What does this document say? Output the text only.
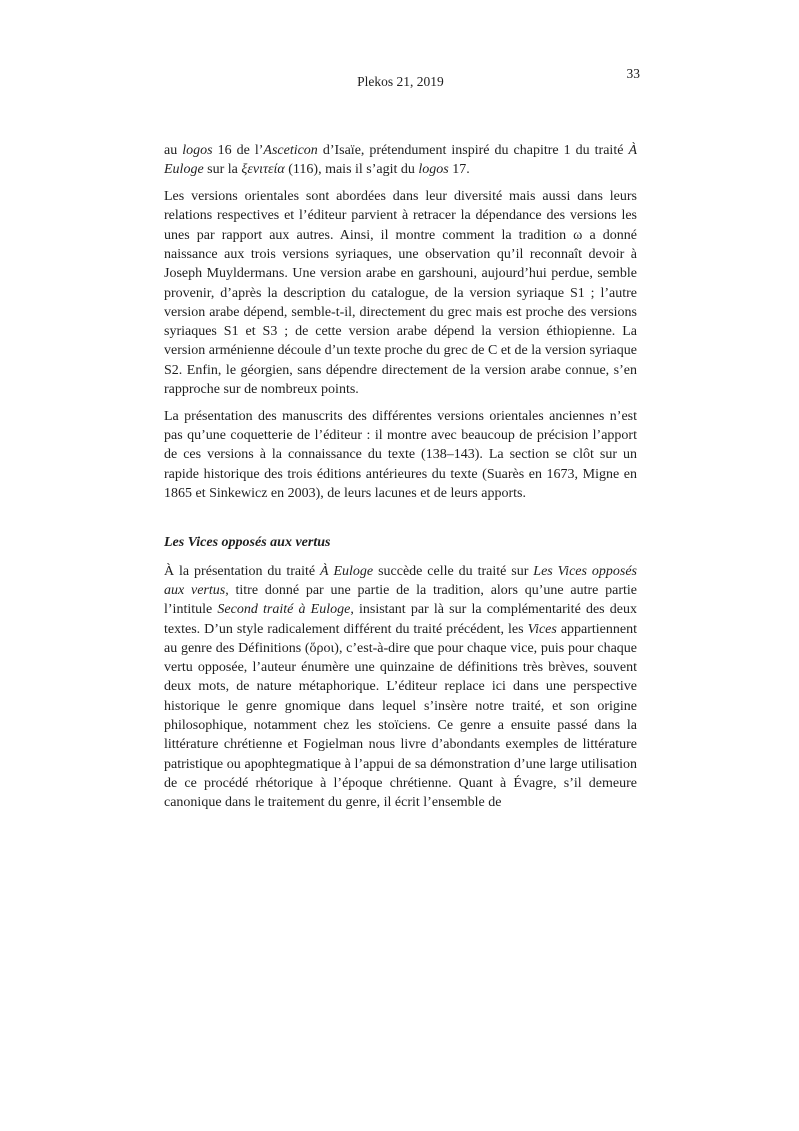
Plekos 21, 2019
33

au logos 16 de l’Asceticon d’Isaïe, prétendument inspiré du chapitre 1 du traité À Euloge sur la ξενιτεία (116), mais il s’agit du logos 17.

Les versions orientales sont abordées dans leur diversité mais aussi dans leurs relations respectives et l’éditeur parvient à retracer la dépendance des versions les unes par rapport aux autres. Ainsi, il montre comment la tradition ω a donné naissance aux trois versions syriaques, une observation qu’il reconnaît devoir à Joseph Muyldermans. Une version arabe en garshouni, aujourd’hui perdue, semble provenir, d’après la description du catalogue, de la version syriaque S1 ; l’autre version arabe dépend, semble-t-il, directement du grec mais est proche des versions syriaques S1 et S3 ; de cette version arabe dépend la version éthiopienne. La version arménienne découle d’un texte proche du grec de C et de la version syriaque S2. Enfin, le géorgien, sans dépendre directement de la version arabe connue, s’en rapproche sur de nombreux points.

La présentation des manuscrits des différentes versions orientales anciennes n’est pas qu’une coquetterie de l’éditeur : il montre avec beaucoup de précision l’apport de ces versions à la connaissance du texte (138–143). La section se clôt sur un rapide historique des trois éditions antérieures du texte (Suarès en 1673, Migne en 1865 et Sinkewicz en 2003), de leurs lacunes et de leurs apports.

Les Vices opposés aux vertus

À la présentation du traité À Euloge succède celle du traité sur Les Vices opposés aux vertus, titre donné par une partie de la tradition, alors qu’une autre partie l’intitule Second traité à Euloge, insistant par là sur la complémentarité des deux textes. D’un style radicalement différent du traité précédent, les Vices appartiennent au genre des Définitions (ὅροι), c’est-à-dire que pour chaque vice, puis pour chaque vertu opposée, l’auteur énumère une quinzaine de définitions très brèves, souvent deux mots, de nature métaphorique. L’éditeur replace ici dans une perspective historique le genre gnomique dans lequel s’insère notre traité, et son origine philosophique, notamment chez les stoïciens. Ce genre a ensuite passé dans la littérature chrétienne et Fogielman nous livre d’abondants exemples de littérature patristique ou apophtegmatique à l’appui de sa démonstration d’une large utilisation de ce procédé rhétorique à l’époque chrétienne. Quant à Évagre, s’il demeure canonique dans le traitement du genre, il écrit l’ensemble de
